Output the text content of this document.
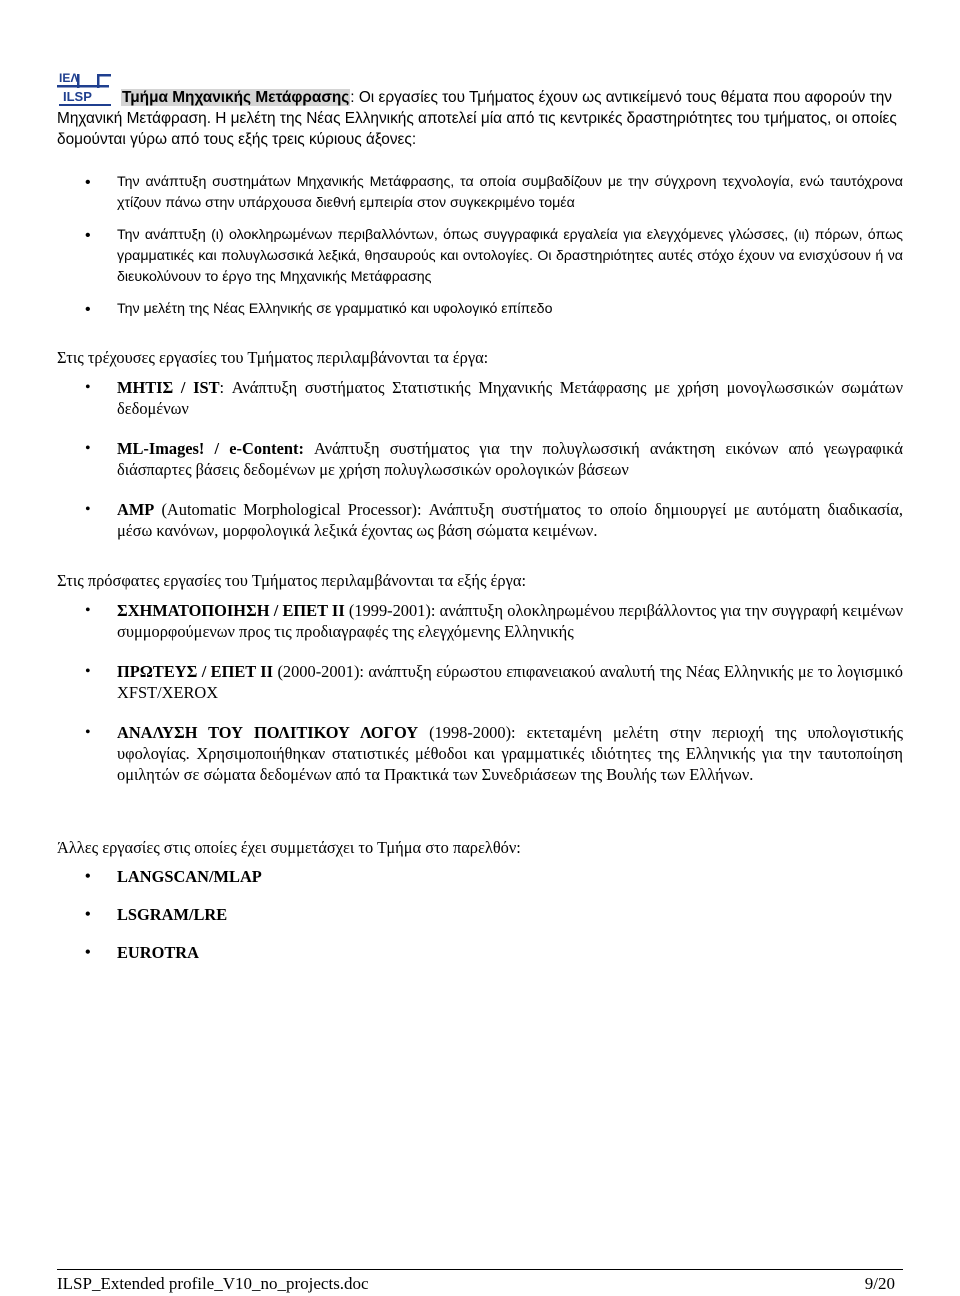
ΙΕΛ
ILSP	Τμήμα Μηχανικής Μετάφρασης: Οι εργασίες του Τμήματος έχουν ως αντικείμενό τους θέματα που αφορούν την Μηχανική Μετάφραση. Η μελέτη της Νέας Ελληνικής αποτελεί μία από τις κεντρικές δραστηριότητες του τμήματος, οι οποίες δομούνται γύρω από τους εξής τρεις κύριους άξονες:
• Την ανάπτυξη συστημάτων Μηχανικής Μετάφρασης, τα οποία συμβαδίζουν με την σύγχρονη τεχνολογία, ενώ ταυτόχρονα χτίζουν πάνω στην υπάρχουσα διεθνή εμπειρία στον συγκεκριμένο τομέα
• Την ανάπτυξη (ι) ολοκληρωμένων περιβαλλόντων, όπως συγγραφικά εργαλεία για ελεγχόμενες γλώσσες, (ιι) πόρων, όπως γραμματικές και πολυγλωσσικά λεξικά, θησαυρούς και οντολογίες. Οι δραστηριότητες αυτές στόχο έχουν να ενισχύσουν ή να διευκολύνουν το έργο της Μηχανικής Μετάφρασης
• Την μελέτη της Νέας Ελληνικής σε γραμματικό και υφολογικό επίπεδο
Στις τρέχουσες εργασίες του Τμήματος περιλαμβάνονται τα έργα:
• ΜΗΤΙΣ / IST: Ανάπτυξη συστήματος Στατιστικής Μηχανικής Μετάφρασης με χρήση μονογλωσσικών σωμάτων δεδομένων
• ML-Images! / e-Content: Ανάπτυξη συστήματος για την πολυγλωσσική ανάκτηση εικόνων από γεωγραφικά διάσπαρτες βάσεις δεδομένων με χρήση πολυγλωσσικών ορολογικών βάσεων
• AMP (Automatic Morphological Processor): Ανάπτυξη συστήματος το οποίο δημιουργεί με αυτόματη διαδικασία, μέσω κανόνων, μορφολογικά λεξικά έχοντας ως βάση σώματα κειμένων.
Στις πρόσφατες εργασίες του Τμήματος περιλαμβάνονται τα εξής έργα:
• ΣΧΗΜΑΤΟΠΟΙΗΣΗ / ΕΠΕΤ ΙΙ (1999-2001): ανάπτυξη ολοκληρωμένου περιβάλλοντος για την συγγραφή κειμένων συμμορφούμενων προς τις προδιαγραφές της ελεγχόμενης Ελληνικής
• ΠΡΩΤΕΥΣ / ΕΠΕΤ ΙΙ (2000-2001): ανάπτυξη εύρωστου επιφανειακού αναλυτή της Νέας Ελληνικής με το λογισμικό XFST/XEROX
• ΑΝΑΛΥΣΗ ΤΟΥ ΠΟΛΙΤΙΚΟΥ ΛΟΓΟΥ (1998-2000): εκτεταμένη μελέτη στην περιοχή της υπολογιστικής υφολογίας. Χρησιμοποιήθηκαν στατιστικές μέθοδοι και γραμματικές ιδιότητες της Ελληνικής για την ταυτοποίηση ομιλητών σε σώματα δεδομένων από τα Πρακτικά των Συνεδριάσεων της Βουλής των Ελλήνων.
Άλλες εργασίες στις οποίες έχει συμμετάσχει το Τμήμα στο παρελθόν:
• LANGSCAN/MLAP
• LSGRAM/LRE
• EUROTRA
ILSP_Extended profile_V10_no_projects.doc	9/20
